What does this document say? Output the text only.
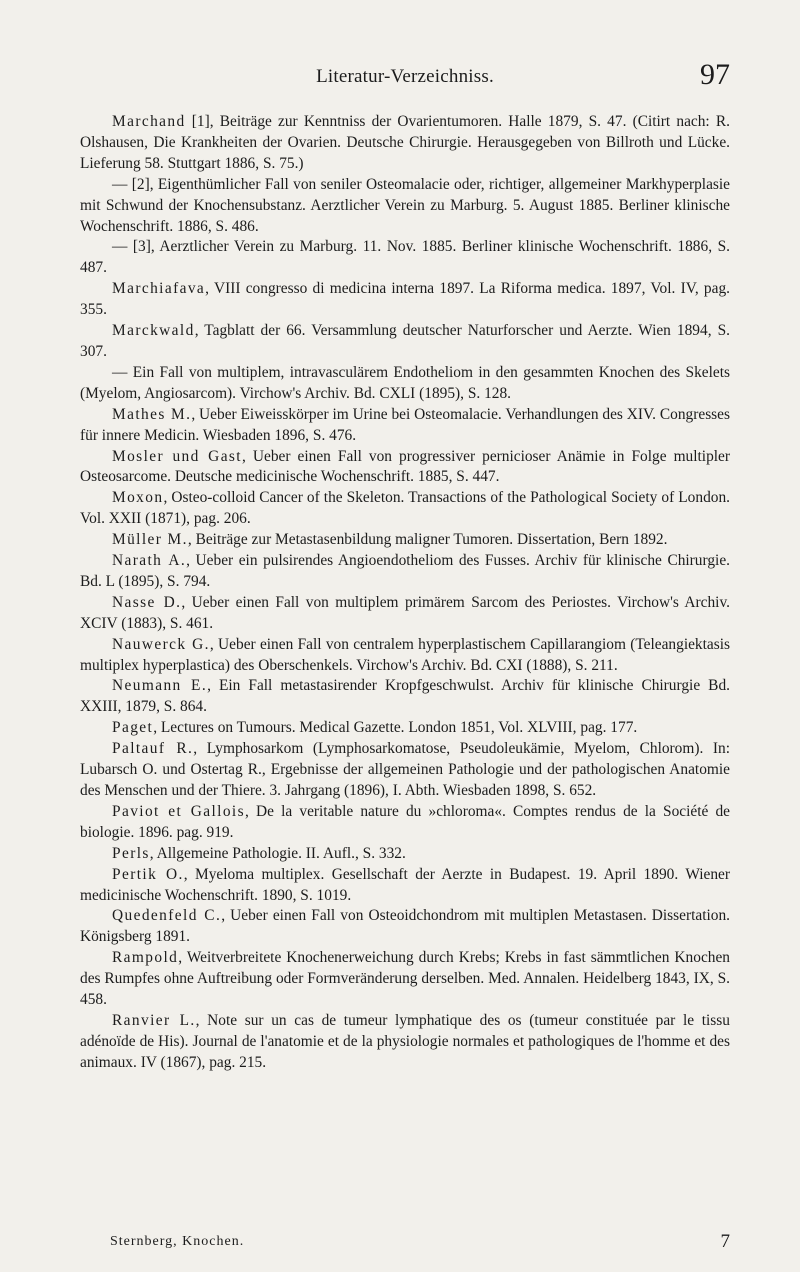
Literatur-Verzeichniss.	97

Marchand [1], Beiträge zur Kenntniss der Ovarientumoren. Halle 1879, S. 47. (Citirt nach: R. Olshausen, Die Krankheiten der Ovarien. Deutsche Chirurgie. Herausgegeben von Billroth und Lücke. Lieferung 58. Stuttgart 1886, S. 75.)

— [2], Eigenthümlicher Fall von seniler Osteomalacie oder, richtiger, allgemeiner Markhyperplasie mit Schwund der Knochensubstanz. Aerztlicher Verein zu Marburg. 5. August 1885. Berliner klinische Wochenschrift. 1886, S. 486.

— [3], Aerztlicher Verein zu Marburg. 11. Nov. 1885. Berliner klinische Wochenschrift. 1886, S. 487.

Marchiafava, VIII congresso di medicina interna 1897. La Riforma medica. 1897, Vol. IV, pag. 355.

Marckwald, Tagblatt der 66. Versammlung deutscher Naturforscher und Aerzte. Wien 1894, S. 307.

— Ein Fall von multiplem, intravasculärem Endotheliom in den gesammten Knochen des Skelets (Myelom, Angiosarcom). Virchow's Archiv. Bd. CXLI (1895), S. 128.

Mathes M., Ueber Eiweisskörper im Urine bei Osteomalacie. Verhandlungen des XIV. Congresses für innere Medicin. Wiesbaden 1896, S. 476.

Mosler und Gast, Ueber einen Fall von progressiver pernicioser Anämie in Folge multipler Osteosarcome. Deutsche medicinische Wochenschrift. 1885, S. 447.

Moxon, Osteo-colloid Cancer of the Skeleton. Transactions of the Pathological Society of London. Vol. XXII (1871), pag. 206.

Müller M., Beiträge zur Metastasenbildung maligner Tumoren. Dissertation, Bern 1892.

Narath A., Ueber ein pulsirendes Angioendotheliom des Fusses. Archiv für klinische Chirurgie. Bd. L (1895), S. 794.

Nasse D., Ueber einen Fall von multiplem primärem Sarcom des Periostes. Virchow's Archiv. XCIV (1883), S. 461.

Nauwerck G., Ueber einen Fall von centralem hyperplastischem Capillarangiom (Teleangiektasis multiplex hyperplastica) des Oberschenkels. Virchow's Archiv. Bd. CXI (1888), S. 211.

Neumann E., Ein Fall metastasirender Kropfgeschwulst. Archiv für klinische Chirurgie Bd. XXIII, 1879, S. 864.

Paget, Lectures on Tumours. Medical Gazette. London 1851, Vol. XLVIII, pag. 177.

Paltauf R., Lymphosarkom (Lymphosarkomatose, Pseudoleukämie, Myelom, Chlorom). In: Lubarsch O. und Ostertag R., Ergebnisse der allgemeinen Pathologie und der pathologischen Anatomie des Menschen und der Thiere. 3. Jahrgang (1896), I. Abth. Wiesbaden 1898, S. 652.

Paviot et Gallois, De la veritable nature du »chloroma«. Comptes rendus de la Société de biologie. 1896. pag. 919.

Perls, Allgemeine Pathologie. II. Aufl., S. 332.

Pertik O., Myeloma multiplex. Gesellschaft der Aerzte in Budapest. 19. April 1890. Wiener medicinische Wochenschrift. 1890, S. 1019.

Quedenfeld C., Ueber einen Fall von Osteoidchondrom mit multiplen Metastasen. Dissertation. Königsberg 1891.

Rampold, Weitverbreitete Knochenerweichung durch Krebs; Krebs in fast sämmtlichen Knochen des Rumpfes ohne Auftreibung oder Formveränderung derselben. Med. Annalen. Heidelberg 1843, IX, S. 458.

Ranvier L., Note sur un cas de tumeur lymphatique des os (tumeur constituée par le tissu adénoïde de His). Journal de l'anatomie et de la physiologie normales et pathologiques de l'homme et des animaux. IV (1867), pag. 215.

Sternberg, Knochen.	7
